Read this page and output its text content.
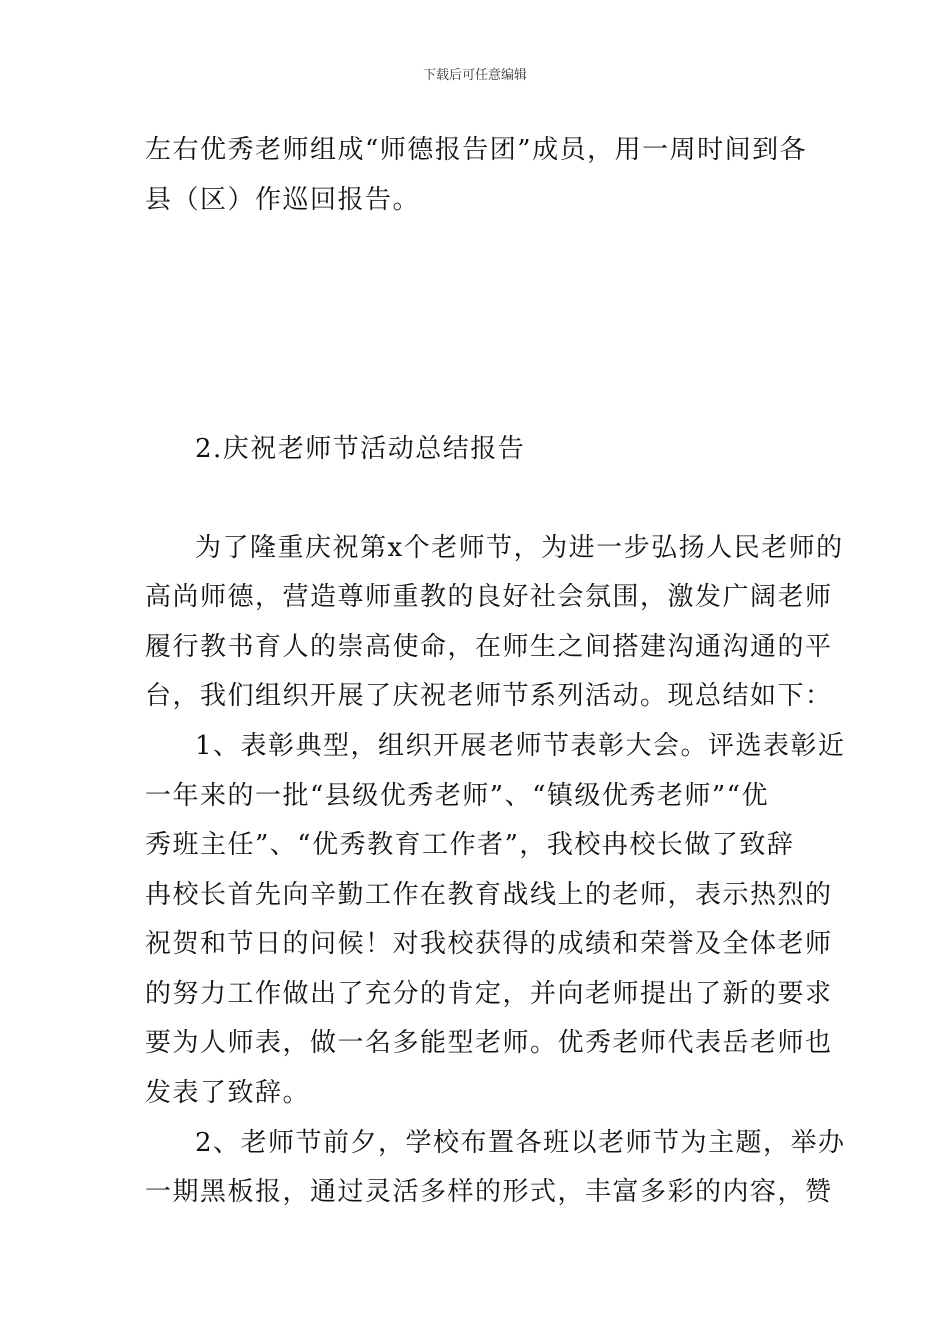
下载后可任意编辑
左右优秀老师组成“师德报告团”成员，用一周时间到各
县（区）作巡回报告。
2.庆祝老师节活动总结报告
为了隆重庆祝第x个老师节，为进一步弘扬人民老师的
高尚师德，营造尊师重教的良好社会氛围，激发广阔老师
履行教书育人的崇高使命，在师生之间搭建沟通沟通的平
台，我们组织开展了庆祝老师节系列活动。现总结如下：
1、表彰典型，组织开展老师节表彰大会。评选表彰近
一年来的一批“县级优秀老师”、“镇级优秀老师”“优
秀班主任”、“优秀教育工作者”，我校冉校长做了致辞
冉校长首先向辛勤工作在教育战线上的老师，表示热烈的
祝贺和节日的问候！对我校获得的成绩和荣誉及全体老师
的努力工作做出了充分的肯定，并向老师提出了新的要求
要为人师表，做一名多能型老师。优秀老师代表岳老师也
发表了致辞。
2、老师节前夕，学校布置各班以老师节为主题，举办
一期黑板报，通过灵活多样的形式，丰富多彩的内容，赞
